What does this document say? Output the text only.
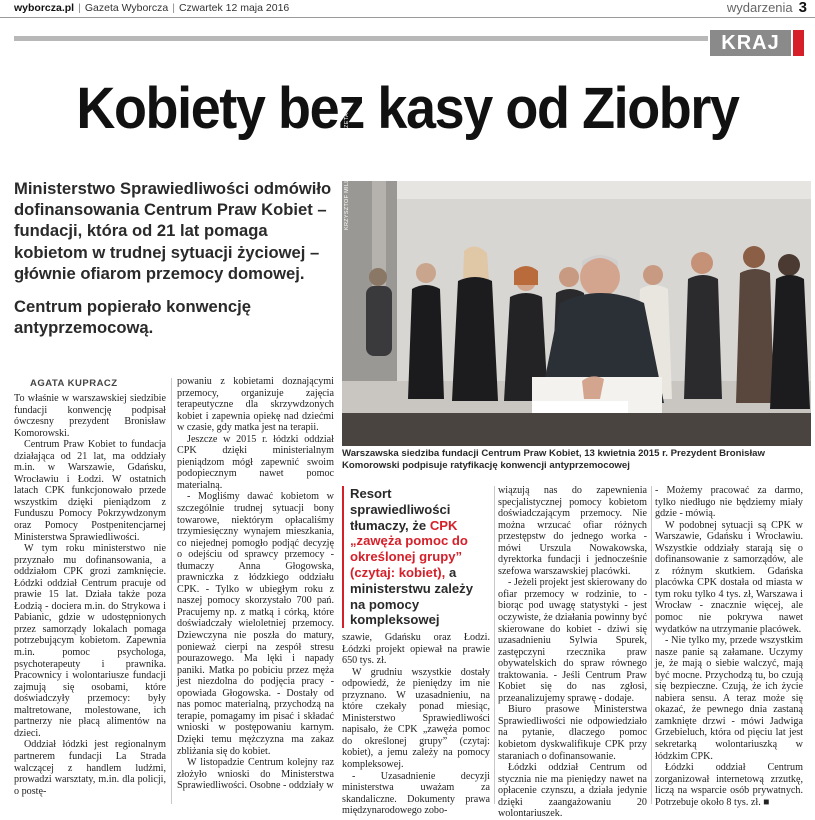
wyborcza.pl | Gazeta Wyborcza | Czwartek 12 maja 2016	wydarzenia 3
KRAJ
Kobiety bez kasy od Ziobry
Ministerstwo Sprawiedliwości odmówiło dofinansowania Centrum Praw Kobiet – fundacji, która od 21 lat pomaga kobietom w trudnej sytuacji życiowej – głównie ofiarom przemocy domowej.
Centrum popierało konwencję antyprzemocową.
AGATA KUPRACZ

To właśnie w warszawskiej siedzibie fundacji konwencję podpisał ówczesny prezydent Bronisław Komorowski.

Centrum Praw Kobiet to fundacja działająca od 21 lat, ma oddziały m.in. w Warszawie, Gdańsku, Wrocławiu i Łodzi. W ostatnich latach CPK funkcjonowało przede wszystkim dzięki pieniądzom z Funduszu Pomocy Pokrzywdzonym oraz Pomocy Postpenitencjarnej Ministerstwa Sprawiedliwości.

W tym roku ministerstwo nie przyznało mu dofinansowania, a oddziałom CPK grozi zamknięcie. Łódzki oddział Centrum pracuje od prawie 15 lat. Działa także poza Łodzią - dociera m.in. do Strykowa i Pabianic, gdzie w udostępnionych przez samorządy lokalach pomaga potrzebującym kobietom. Zapewnia m.in. pomoc psychologa, psychoterapeuty i prawnika. Pracownicy i wolontariusze fundacji zajmują się osobami, które doświadczyły przemocy: były maltretowane, molestowane, ich partnerzy nie płacą alimentów na dzieci.

Oddział łódzki jest regionalnym partnerem fundacji La Strada walczącej z handlem ludźmi, prowadzi warsztaty, m.in. dla policji, o postę-

powaniu z kobietami doznającymi przemocy, organizuje zajęcia terapeutyczne dla skrzywdzonych kobiet i zapewnia opiekę nad dziećmi w czasie, gdy matka jest na terapii.

Jeszcze w 2015 r. łódzki oddział CPK dzięki ministerialnym pieniądzom mógł zapewnić swoim podopiecznym nawet pomoc materialną.

- Mogliśmy dawać kobietom w szczególnie trudnej sytuacji bony towarowe, niektórym opłacaliśmy trzymiesięczny wynajem mieszkania, co niejednej pomogło podjąć decyzję o odejściu od sprawcy przemocy - tłumaczy Anna Głogowska, prawniczka z łódzkiego oddziału CPK. - Tylko w ubiegłym roku z naszej pomocy skorzystało 700 pań. Pracujemy np. z matką i córką, które doświadczały wieloletniej przemocy. Dziewczyna nie poszła do matury, ponieważ cierpi na zespół stresu pourazowego. Ma lęki i napady paniki. Matka po pobiciu przez męża jest niezdolna do podjęcia pracy - opowiada Głogowska. - Dostały od nas pomoc materialną, przychodzą na terapie, pomagamy im pisać i składać wnioski w postępowaniu karnym. Dzięki temu mężczyzna ma zakaz zbliżania się do kobiet.

W listopadzie Centrum kolejny raz złożyło wnioski do Ministerstwa Sprawiedliwości. Osobne - oddziały w

KRZYSZTOF MILLER / AGENCJA GAZETA
Warszawska siedziba fundacji Centrum Praw Kobiet, 13 kwietnia 2015 r. Prezydent Bronisław Komorowski podpisuje ratyfikację konwencji antyprzemocowej
Resort sprawiedliwości tłumaczy, że CPK „zawęża pomoc do określonej grupy” (czytaj: kobiet), a ministerstwu zależy na pomocy kompleksowej

szawie, Gdańsku oraz Łodzi. Łódzki projekt opiewał na prawie 650 tys. zł.

W grudniu wszystkie dostały odpowiedź, że pieniędzy im nie przyznano. W uzasadnieniu, na które czekały ponad miesiąc, Ministerstwo Sprawiedliwości napisało, że CPK „zawęża pomoc do określonej grupy” (czytaj: kobiet), a jemu zależy na pomocy kompleksowej.

- Uzasadnienie decyzji ministerstwa uważam za skandaliczne. Dokumenty prawa międzynarodowego zobo-

wiązują nas do zapewnienia specjalistycznej pomocy kobietom doświadczającym przemocy. Nie można wrzucać ofiar różnych przestępstw do jednego worka - mówi Urszula Nowakowska, dyrektorka fundacji i jednocześnie szefowa warszawskiej placówki.

- Jeżeli projekt jest skierowany do ofiar przemocy w rodzinie, to - biorąc pod uwagę statystyki - jest oczywiste, że działania powinny być skierowane do kobiet - dziwi się uzasadnieniu Sylwia Spurek, zastępczyni rzecznika praw obywatelskich do spraw równego traktowania. - Jeśli Centrum Praw Kobiet się do nas zgłosi, przeanalizujemy sprawę - dodaje.

Biuro prasowe Ministerstwa Sprawiedliwości nie odpowiedziało na pytanie, dlaczego pomoc kobietom dyskwalifikuje CPK przy staraniach o dofinansowanie.

Łódzki oddział Centrum od stycznia nie ma pieniędzy nawet na opłacenie czynszu, a działa jedynie dzięki zaangażowaniu 20 wolontariuszek.

- Możemy pracować za darmo, tylko niedługo nie będziemy miały gdzie - mówią.

W podobnej sytuacji są CPK w Warszawie, Gdańsku i Wrocławiu. Wszystkie oddziały starają się o dofinansowanie z samorządów, ale z różnym skutkiem. Gdańska placówka CPK dostała od miasta w tym roku tylko 4 tys. zł, Warszawa i Wrocław - znacznie więcej, ale pomoc nie pokrywa nawet wydatków na utrzymanie placówek.

- Nie tylko my, przede wszystkim nasze panie są załamane. Uczymy je, że mają o siebie walczyć, mają być mocne. Przychodzą tu, bo czują się bezpieczne. Czują, że ich życie nabiera sensu. A teraz może się okazać, że pewnego dnia zastaną zamknięte drzwi - mówi Jadwiga Grzebieluch, która od pięciu lat jest sekretarką wolontariuszką w łódzkim CPK.

Łódzki oddział Centrum zorganizował internetową zrzutkę, liczą na wsparcie osób prywatnych. Potrzebuje około 8 tys. zł. ■
